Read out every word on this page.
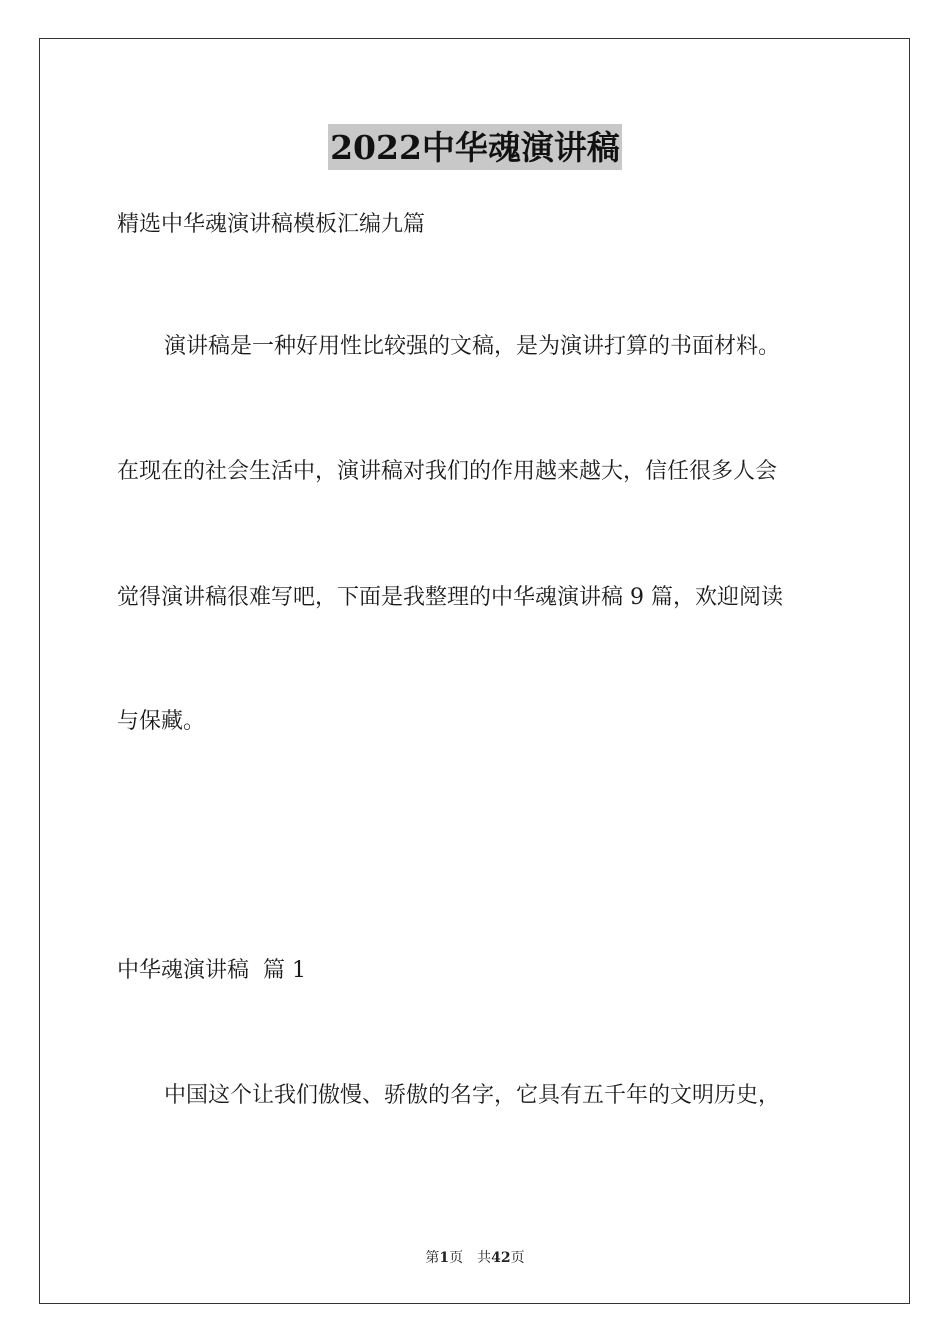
2022中华魂演讲稿
精选中华魂演讲稿模板汇编九篇
演讲稿是一种好用性比较强的文稿，是为演讲打算的书面材料。
在现在的社会生活中，演讲稿对我们的作用越来越大，信任很多人会
觉得演讲稿很难写吧，下面是我整理的中华魂演讲稿 9 篇，欢迎阅读
与保藏。
中华魂演讲稿  篇 1
中国这个让我们傲慢、骄傲的名字，它具有五千年的文明历史，
第1页 共42页
